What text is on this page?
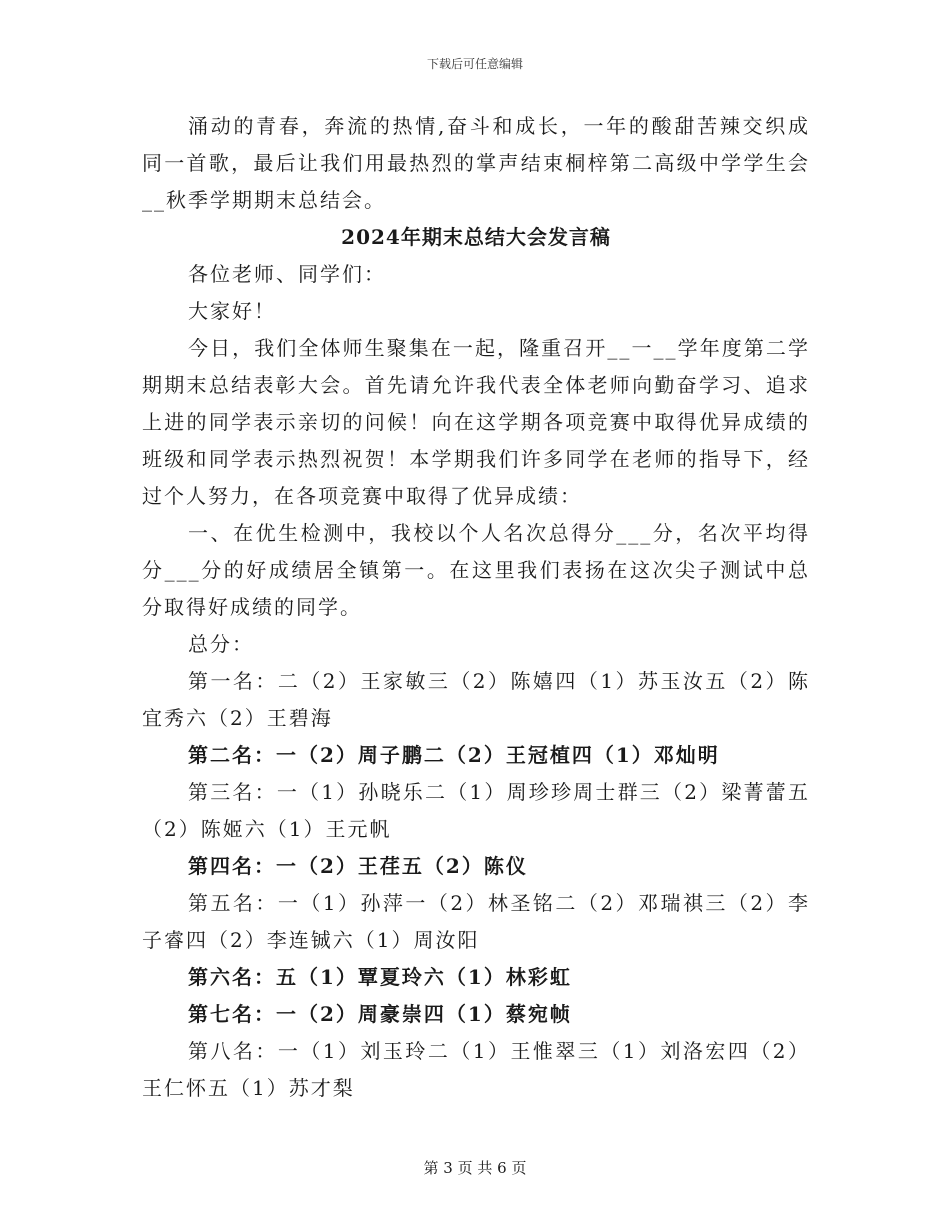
下载后可任意编辑

涌动的青春，奔流的热情,奋斗和成长，一年的酸甜苦辣交织成同一首歌，最后让我们用最热烈的掌声结束桐梓第二高级中学学生会__秋季学期期末总结会。

2024年期末总结大会发言稿

各位老师、同学们：

大家好！

今日，我们全体师生聚集在一起，隆重召开__一__学年度第二学期期末总结表彰大会。首先请允许我代表全体老师向勤奋学习、追求上进的同学表示亲切的问候！向在这学期各项竞赛中取得优异成绩的班级和同学表示热烈祝贺！本学期我们许多同学在老师的指导下，经过个人努力，在各项竞赛中取得了优异成绩：

一、在优生检测中，我校以个人名次总得分___分，名次平均得分___分的好成绩居全镇第一。在这里我们表扬在这次尖子测试中总分取得好成绩的同学。

总分：

第一名：二（2）王家敏三（2）陈嬉四（1）苏玉汝五（2）陈宜秀六（2）王碧海

第二名：一（2）周子鹏二（2）王冠植四（1）邓灿明

第三名：一（1）孙晓乐二（1）周珍珍周士群三（2）梁菁蕾五（2）陈姬六（1）王元帆

第四名：一（2）王荏五（2）陈仪

第五名：一（1）孙萍一（2）林圣铭二（2）邓瑞祺三（2）李子睿四（2）李连铖六（1）周汝阳

第六名：五（1）覃夏玲六（1）林彩虹

第七名：一（2）周豪崇四（1）蔡宛帧

第八名：一（1）刘玉玲二（1）王惟翠三（1）刘洛宏四（2）王仁怀五（1）苏才梨

第 3 页 共 6 页
